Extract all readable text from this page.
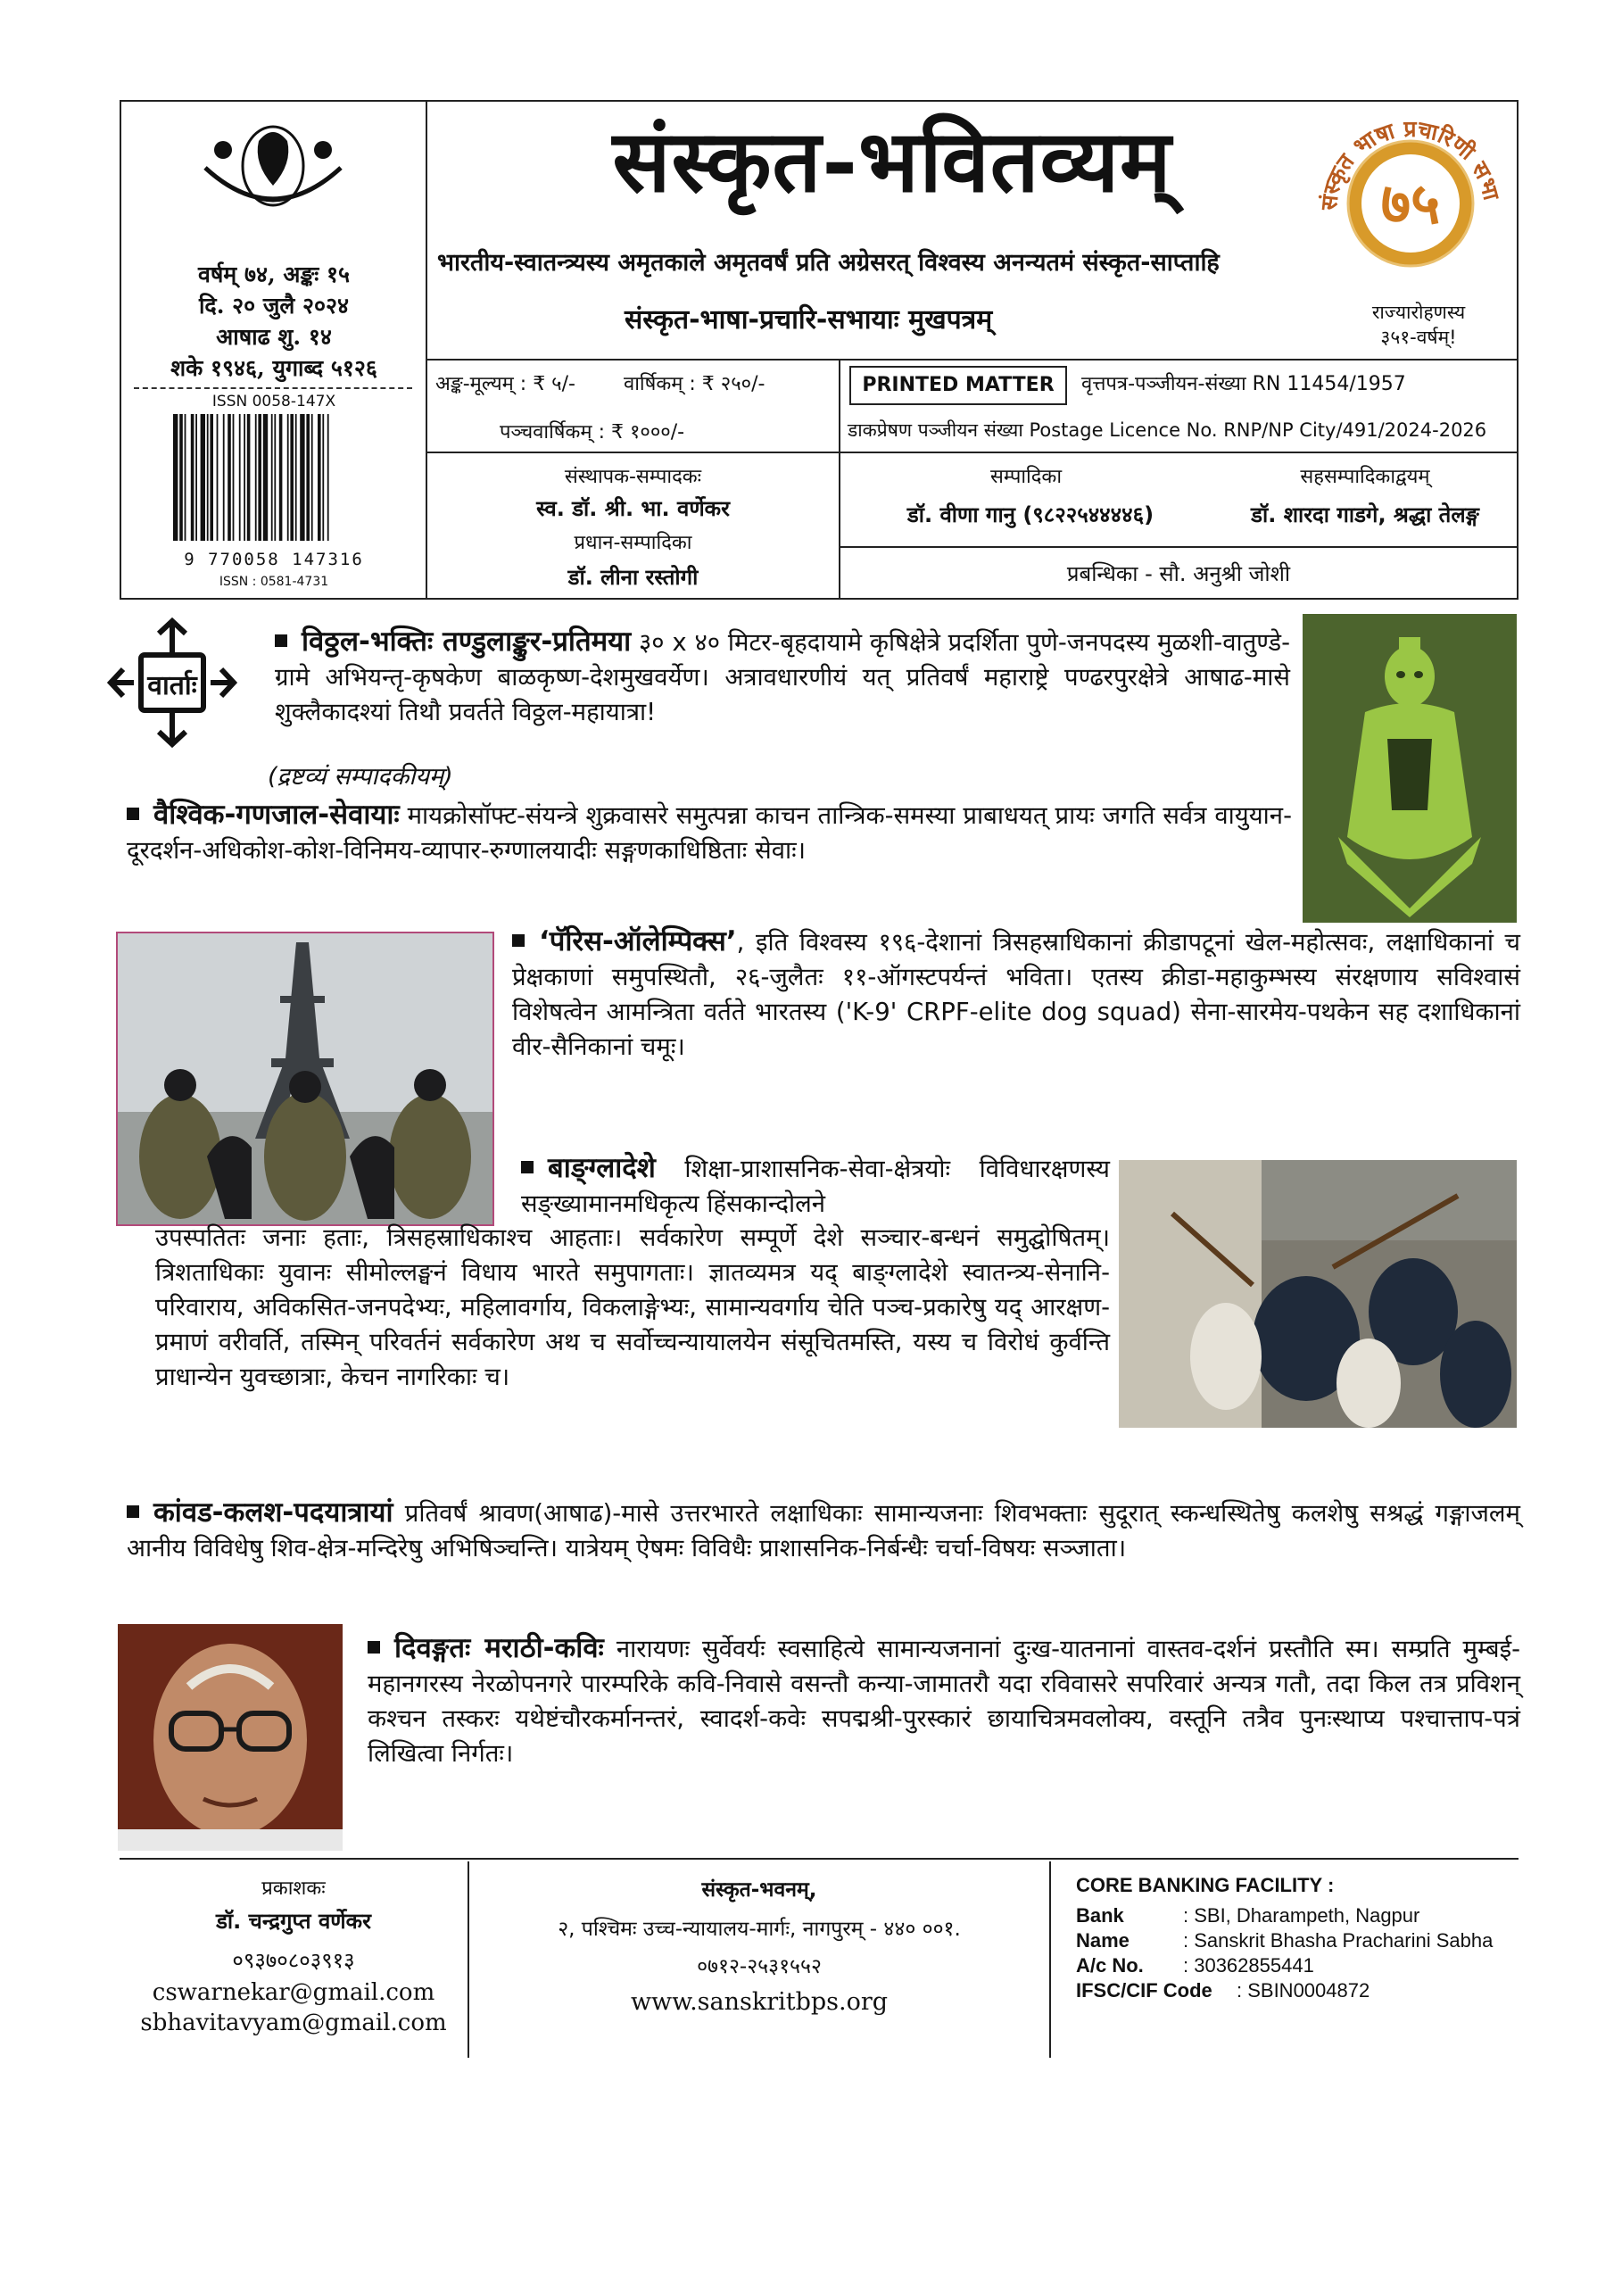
वर्षम् ७४, अङ्कः १५
दि. २० जुलै २०२४
आषाढ शु. १४
शके १९४६, युगाब्द ५१२६
ISSN 0058-147X
9 770058 147316
ISSN : 0581-4731
संस्कृत-भवितव्यम्	संस्कृत भाषा प्रचारिणी सभा
७५
भारतीय-स्वातन्त्र्यस्य अमृतकाले अमृतवर्षं प्रति अग्रेसरत् विश्वस्य अनन्यतमं संस्कृत-साप्ताहि
संस्कृत-भाषा-प्रचारि-सभायाः मुखपत्रम्	राज्यारोहणस्य
३५१-वर्षम्!
अङ्क-मूल्यम् : ₹ ५/- वार्षिकम् : ₹ २५०/-	PRINTED MATTER	वृत्तपत्र-पञ्जीयन-संख्या RN 11454/1957
पञ्चवार्षिकम् : ₹ १०००/-	डाकप्रेषण पञ्जीयन संख्या Postage Licence No. RNP/NP City/491/2024-2026
संस्थापक-सम्पादकः
स्व. डॉ. श्री. भा. वर्णेकर
प्रधान-सम्पादिका
डॉ. लीना रस्तोगी
सम्पादिका
डॉ. वीणा गानु (९८२२५४४४४६)
सहसम्पादिकाद्वयम्
डॉ. शारदा गाडगे, श्रद्धा तेलङ्ग
प्रबन्धिका - सौ. अनुश्री जोशी
वार्ताः
विठ्ठल-भक्तिः तण्डुलाङ्कुर-प्रतिमया ३० x ४० मिटर-बृहदायामे कृषिक्षेत्रे प्रदर्शिता पुणे-जनपदस्य मुळशी-वातुण्डे-ग्रामे अभियन्तृ-कृषकेण बाळकृष्ण-देशमुखवर्येण। अत्रावधारणीयं यत् प्रतिवर्षं महाराष्ट्रे पण्ढरपुरक्षेत्रे आषाढ-मासे शुक्लैकादश्यां तिथौ प्रवर्तते विठ्ठल-महायात्रा!
(द्रष्टव्यं सम्पादकीयम्)
वैश्विक-गणजाल-सेवायाः मायक्रोसॉफ्ट-संयन्त्रे शुक्रवासरे समुत्पन्ना काचन तान्त्रिक-समस्या प्राबाधयत् प्रायः जगति सर्वत्र वायुयान-दूरदर्शन-अधिकोश-कोश-विनिमय-व्यापार-रुग्णालयादीः सङ्गणकाधिष्ठिताः सेवाः।
‘पॅरिस-ऑलेम्पिक्स’, इति विश्वस्य १९६-देशानां त्रिसहस्राधिकानां क्रीडापटूनां खेल-महोत्सवः, लक्षाधिकानां च प्रेक्षकाणां समुपस्थितौ, २६-जुलैतः ११-ऑगस्टपर्यन्तं भविता। एतस्य क्रीडा-महाकुम्भस्य संरक्षणाय सविश्वासं विशेषत्वेन आमन्त्रिता वर्तते भारतस्य ('K-9' CRPF-elite dog squad) सेना-सारमेय-पथकेन सह दशाधिकानां वीर-सैनिकानां चमूः।
बाङ्ग्लादेशे शिक्षा-प्राशासनिक-सेवा-क्षेत्रयोः विविधारक्षणस्य सङ्ख्यामानमधिकृत्य हिंसकान्दोलने
उपस्पतितः जनाः हताः, त्रिसहस्राधिकाश्च आहताः। सर्वकारेण सम्पूर्णे देशे सञ्चार-बन्धनं समुद्घोषितम्। त्रिशताधिकाः युवानः सीमोल्लङ्घनं विधाय भारते समुपागताः। ज्ञातव्यमत्र यद् बाङ्ग्लादेशे स्वातन्त्र्य-सेनानि-परिवाराय, अविकसित-जनपदेभ्यः, महिलावर्गाय, विकलाङ्गेभ्यः, सामान्यवर्गाय चेति पञ्च-प्रकारेषु यद् आरक्षण-प्रमाणं वरीवर्ति, तस्मिन् परिवर्तनं सर्वकारेण अथ च सर्वोच्चन्यायालयेन संसूचितमस्ति, यस्य च विरोधं कुर्वन्ति प्राधान्येन युवच्छात्राः, केचन नागरिकाः च।
कांवड-कलश-पदयात्रायां प्रतिवर्षं श्रावण(आषाढ)-मासे उत्तरभारते लक्षाधिकाः सामान्यजनाः शिवभक्ताः सुदूरात् स्कन्धस्थितेषु कलशेषु सश्रद्धं गङ्गाजलम् आनीय विविधेषु शिव-क्षेत्र-मन्दिरेषु अभिषिञ्चन्ति। यात्रेयम् ऐषमः विविधैः प्राशासनिक-निर्बन्धैः चर्चा-विषयः सञ्जाता।
दिवङ्गतः मराठी-कविः नारायणः सुर्वेवर्यः स्वसाहित्ये सामान्यजनानां दुःख-यातनानां वास्तव-दर्शनं प्रस्तौति स्म। सम्प्रति मुम्बई-महानगरस्य नेरळोपनगरे पारम्परिके कवि-निवासे वसन्तौ कन्या-जामातरौ यदा रविवासरे सपरिवारं अन्यत्र गतौ, तदा किल तत्र प्रविशन् कश्चन तस्करः यथेष्टंचौरकर्मानन्तरं, स्वादर्श-कवेः सपद्मश्री-पुरस्कारं छायाचित्रमवलोक्य, वस्तूनि तत्रैव पुनःस्थाप्य पश्चात्ताप-पत्रं लिखित्वा निर्गतः।
प्रकाशकः
डॉ. चन्द्रगुप्त वर्णेकर
०९३७०८०३९१३
cswarnekar@gmail.com
sbhavitavyam@gmail.com
संस्कृत-भवनम्,
२, पश्चिमः उच्च-न्यायालय-मार्गः, नागपुरम् - ४४० ००१.
०७१२-२५३१५५२
www.sanskritbps.org
CORE BANKING FACILITY :
Bank	: SBI, Dharampeth, Nagpur
Name	: Sanskrit Bhasha Pracharini Sabha
A/c No. : 30362855441
IFSC/CIF Code : SBIN0004872
